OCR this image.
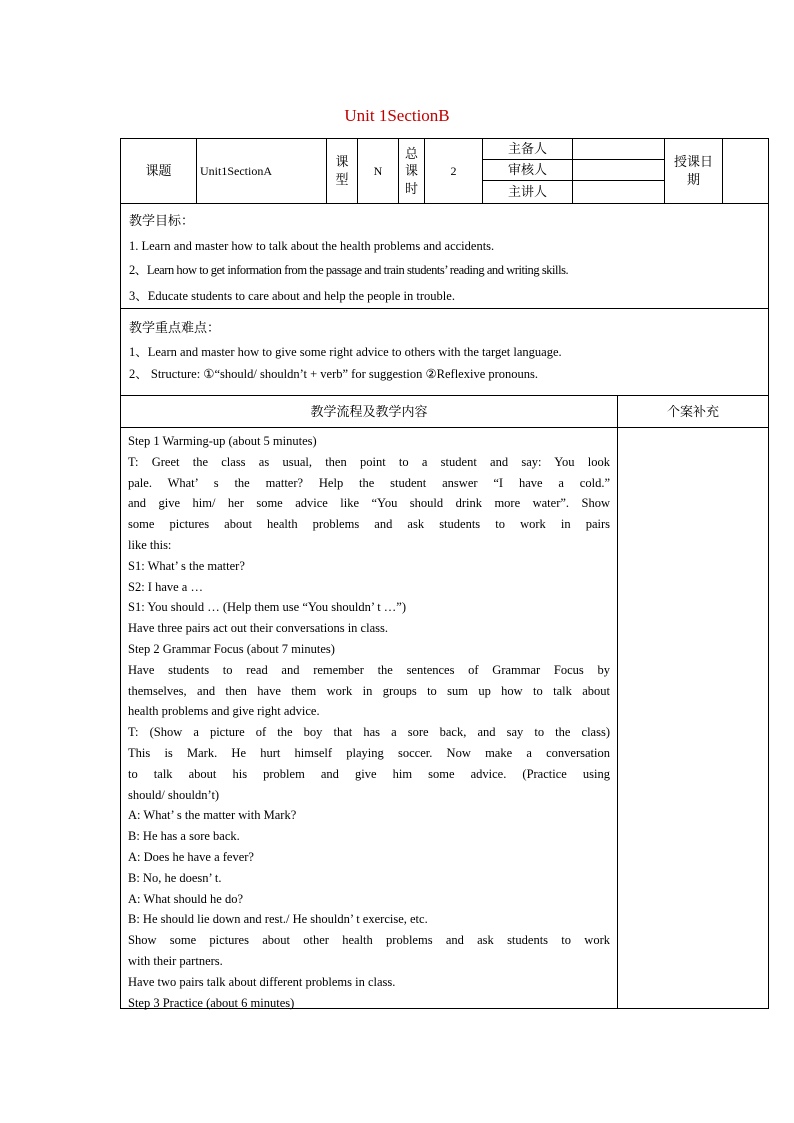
Unit 1SectionB
课题	Unit1SectionA
课型
N
总课时
2
主备人
审核人
主讲人
授课日期
教学目标：
1. Learn and master how to talk about the health problems and accidents.
2、Learn how to get information from the passage and train students’ reading and writing skills.
3、Educate students to care about and help the people in trouble.
教学重点难点：
1、Learn and master how to give some right advice to others with the target language.
2、 Structure: ①“should/ shouldn’t + verb” for suggestion ②Reflexive pronouns.
教学流程及教学内容	个案补充
Step 1 Warming-up (about 5 minutes)
T: Greet the class as usual, then point to a student and say: You look
pale. What’ s the matter? Help the student answer “I have a cold.”
and give him/ her some advice like “You should drink more water”. Show
some pictures about health problems and ask students to work in pairs
like this:
S1: What’ s the matter?
S2: I have a …
S1: You should … (Help them use “You shouldn’ t …”)
Have three pairs act out their conversations in class.
Step 2 Grammar Focus (about 7 minutes)
Have students to read and remember the sentences of Grammar Focus by
themselves, and then have them work in groups to sum up how to talk about
health problems and give right advice.
T: (Show a picture of the boy that has a sore back, and say to the class)
This is Mark. He hurt himself playing soccer. Now make a conversation
to talk about his problem and give him some advice. (Practice using
should/ shouldn’t)
A: What’ s the matter with Mark?
B: He has a sore back.
A: Does he have a fever?
B: No, he doesn’ t.
A: What should he do?
B: He should lie down and rest./ He shouldn’ t exercise, etc.
Show some pictures about other health problems and ask students to work
with their partners.
Have two pairs talk about different problems in class.
Step 3 Practice (about 6 minutes)
